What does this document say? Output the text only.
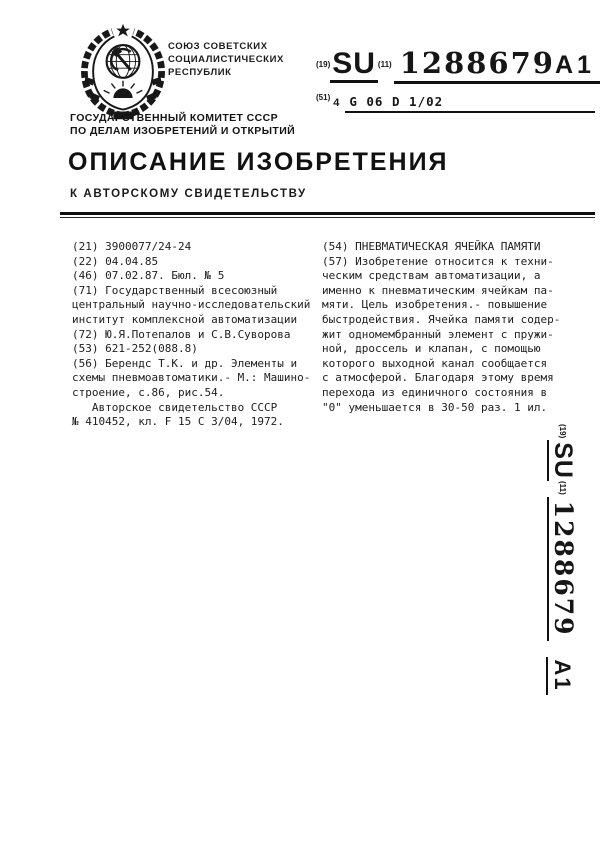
СОЮЗ СОВЕТСКИХ
СОЦИАЛИСТИЧЕСКИХ
РЕСПУБЛИК
ГОСУДАРСТВЕННЫЙ КОМИТЕТ СССР
ПО ДЕЛАМ ИЗОБРЕТЕНИЙ И ОТКРЫТИЙ
(19) SU (11) 1288679 A1
(51) 4 G 06 D 1/02
ОПИСАНИЕ ИЗОБРЕТЕНИЯ
К АВТОРСКОМУ СВИДЕТЕЛЬСТВУ
(21) 3900077/24-24
(22) 04.04.85
(46) 07.02.87. Бюл. № 5
(71) Государственный всесоюзный
центральный научно-исследовательский
институт комплексной автоматизации
(72) Ю.Я.Потепалов и С.В.Суворова
(53) 621-252(088.8)
(56) Берендс Т.К. и др. Элементы и
схемы пневмоавтоматики.- М.: Машино-
строение, с.86, рис.54.
Авторское свидетельство СССР
№ 410452, кл. F 15 C 3/04, 1972.
(54) ПНЕВМАТИЧЕСКАЯ ЯЧЕЙКА ПАМЯТИ
(57) Изобретение относится к техни-
ческим средствам автоматизации, а
именно к пневматическим ячейкам па-
мяти. Цель изобретения.- повышение
быстродействия. Ячейка памяти содер-
жит одномембранный элемент с пружи-
ной, дроссель и клапан, с помощью
которого выходной канал сообщается
с атмосферой. Благодаря этому время
перехода из единичного состояния в
"0" уменьшается в 30-50 раз. 1 ил.
(19)
SU
(11)
1288679
A1
